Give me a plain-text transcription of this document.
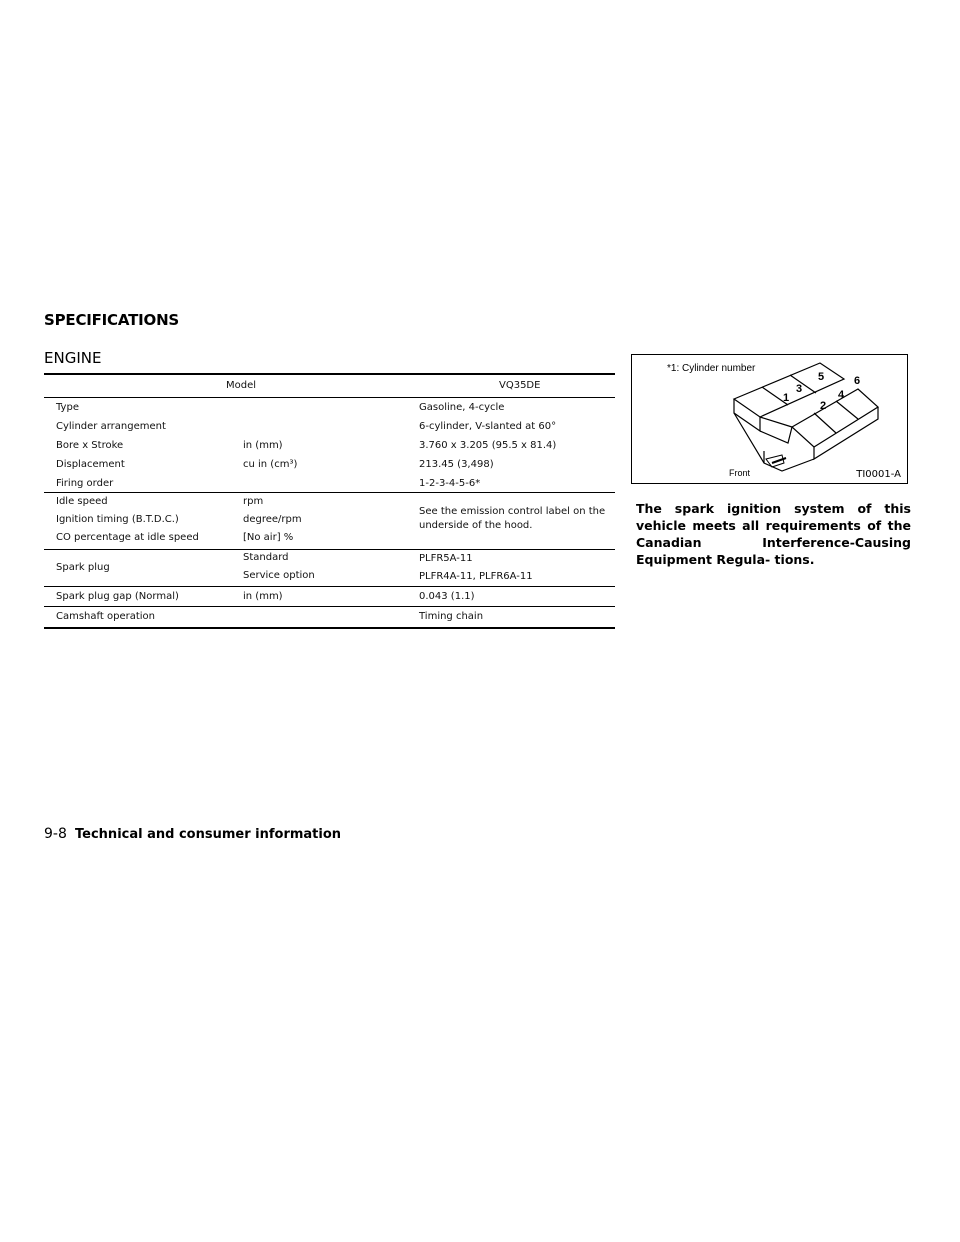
SPECIFICATIONS
ENGINE
Model	VQ35DE
Type	Gasoline, 4-cycle
Cylinder arrangement	6-cylinder, V-slanted at 60°
Bore x Stroke	in (mm)	3.760 x 3.205 (95.5 x 81.4)
Displacement	cu in (cm³)	213.45 (3,498)
Firing order	1-2-3-4-5-6*
Idle speed	rpm
Ignition timing (B.T.D.C.)	degree/rpm
CO percentage at idle speed	[No air] %
See the emission control label on the underside of the hood.
Spark plug
Standard	PLFR5A-11
Service option	PLFR4A-11, PLFR6A-11
Spark plug gap (Normal)	in (mm)	0.043 (1.1)
Camshaft operation	Timing chain
*1: Cylinder number
1
2
3	4
5	6
Front	TI0001-A
The spark ignition system of this vehicle meets all requirements of the Canadian Interference-Causing Equipment Regula- tions.
9-8 Technical and consumer information
